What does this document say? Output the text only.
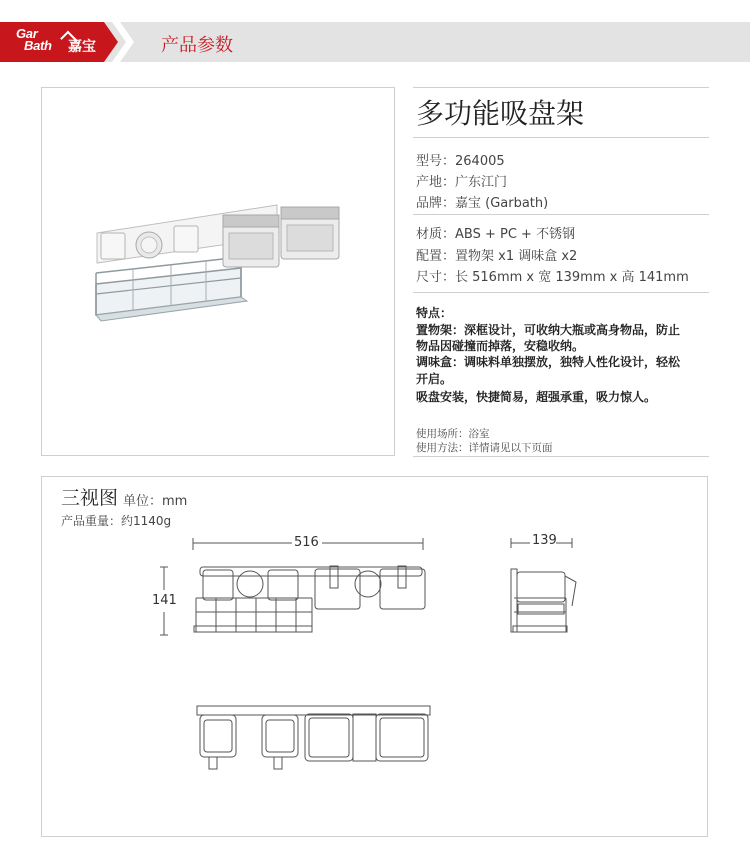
Gar
Bath 嘉宝	产品参数
多功能吸盘架
型号：264005
产地：广东江门
品牌：嘉宝 (Garbath)
材质：ABS + PC + 不锈钢
配置：置物架 x1 调味盒 x2
尺寸：长 516mm x 宽 139mm x 高 141mm
特点：
置物架：深框设计，可收纳大瓶或高身物品，防止
物品因碰撞而掉落，安稳收纳。
调味盒：调味料单独摆放，独特人性化设计，轻松
开启。
吸盘安装，快捷简易，超强承重，吸力惊人。
使用场所：浴室
使用方法：详情请见以下页面
三视图 单位：mm
产品重量：约1140g
516
141
139
